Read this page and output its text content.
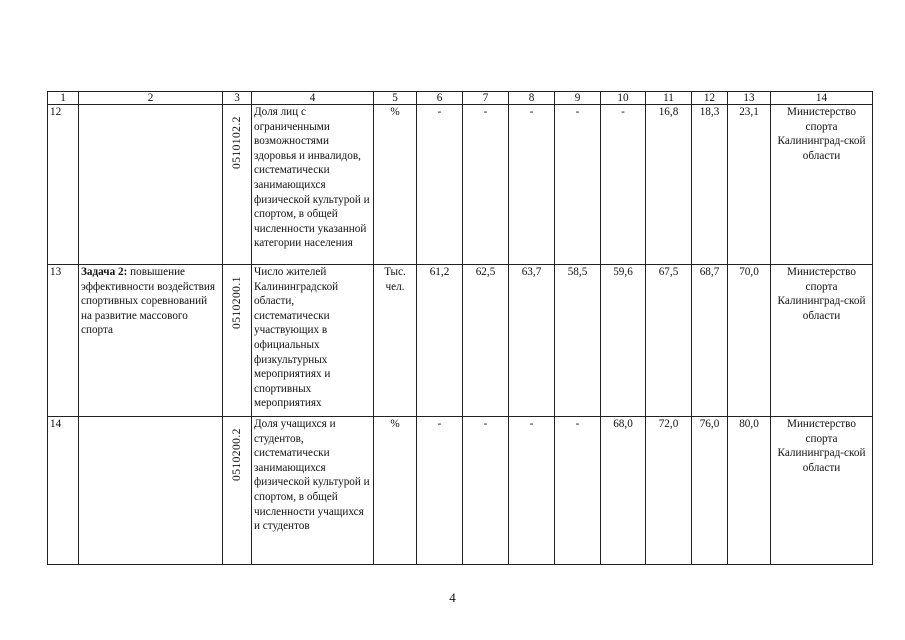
1	2	3	4	5	6	7	8	9	10	11	12	13	14
12		0510102.2	Доля лиц с ограниченными возможностями здоровья и инвалидов, систематически занимающихся физической культурой и спортом, в общей численности указанной категории населения	%	-	-	-	-	-	16,8	18,3	23,1	Министерство спорта Калининград-ской области
13	Задача 2: повышение эффективности воздействия спортивных соревнований на развитие массового спорта	0510200.1	Число жителей Калининградской области, систематически участвующих в официальных физкультурных мероприятиях и спортивных мероприятиях	Тыс. чел.	61,2	62,5	63,7	58,5	59,6	67,5	68,7	70,0	Министерство спорта Калининград-ской области
14		0510200.2	Доля учащихся и студентов, систематически занимающихся физической культурой и спортом, в общей численности учащихся и студентов	%	-	-	-	-	68,0	72,0	76,0	80,0	Министерство спорта Калининград-ской области
4
